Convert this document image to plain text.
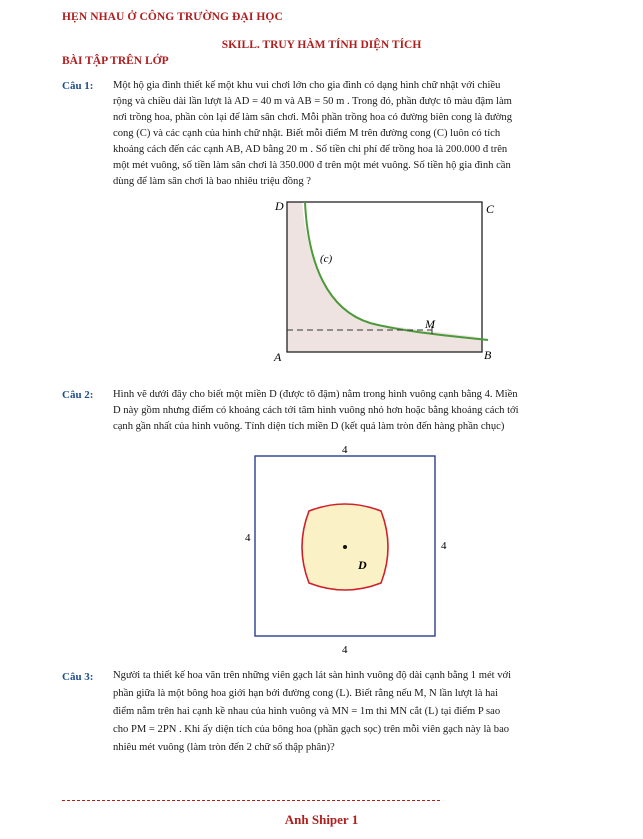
HẸN NHAU Ở CÔNG TRƯỜNG ĐẠI HỌC
SKILL. TRUY HÀM TÍNH DIỆN TÍCH
BÀI TẬP TRÊN LỚP
Câu 1: Một hộ gia đình thiết kế một khu vui chơi lớn cho gia đình có dạng hình chữ nhật với chiều

rộng và chiều dài lần lượt là AD = 40 m và AB = 50 m . Trong đó, phần được tô màu đậm làm

nơi trồng hoa, phần còn lại để làm sân chơi. Mỗi phần trồng hoa có đường biên cong là đường

cong (C) và các cạnh của hình chữ nhật. Biết mỗi điểm M trên đường cong (C) luôn có tích

khoảng cách đến các cạnh AB, AD bằng 20 m . Số tiền chi phí để trồng hoa là 200.000 đ trên

một mét vuông, số tiền làm sân chơi là 350.000 đ trên một mét vuông. Số tiền hộ gia đình cần

dùng để làm sân chơi là bao nhiêu triệu đồng ?

A	B
C
D
(c)
M
Câu 2: Hình vẽ dưới đây cho biết một miền D (được tô đậm) nằm trong hình vuông cạnh bằng 4. Miền

D này gồm nhưng điểm có khoảng cách tới tâm hình vuông nhỏ hơn hoặc bằng khoảng cách tới

cạnh gần nhất của hình vuông. Tính diện tích miền D (kết quả làm tròn đến hàng phần chục)

D
4
4
4
4
Câu 3: Người ta thiết kế hoa văn trên những viên gạch lát sàn hình vuông độ dài cạnh bằng 1 mét với

phần giữa là một bông hoa giới hạn bởi đường cong (L). Biết rằng nếu M, N lần lượt là hai

điểm nằm trên hai cạnh kề nhau của hình vuông và MN = 1m thì MN cắt (L) tại điểm P sao

cho PM = 2PN . Khi ấy diện tích của bông hoa (phần gạch sọc) trên mỗi viên gạch này là bao

nhiêu mét vuông (làm tròn đến 2 chữ số thập phân)?

Anh Shiper 1
